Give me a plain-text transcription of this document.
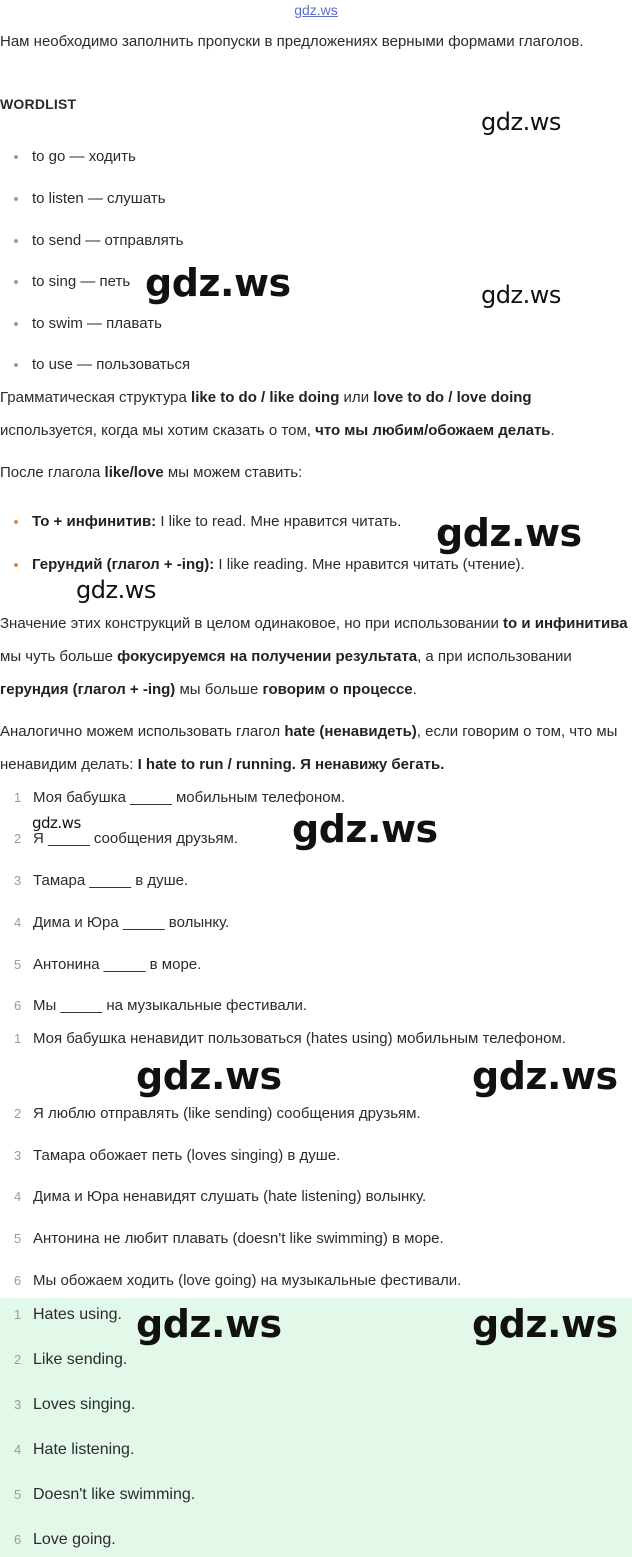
gdz.ws

Нам необходимо заполнить пропуски в предложениях верными формами глаголов.

WORDLIST
to go — ходить
to listen — слушать
to send — отправлять
to sing — петь
to swim — плавать
to use — пользоваться

Грамматическая структура like to do / like doing или love to do / love doing используется, когда мы хотим сказать о том, что мы любим/обожаем делать.

После глагола like/love мы можем ставить:

То + инфинитив: I like to read. Мне нравится читать.
Герундий (глагол + -ing): I like reading. Мне нравится читать (чтение).

Значение этих конструкций в целом одинаковое, но при использовании to и инфинитива мы чуть больше фокусируемся на получении результата, а при использовании герундия (глагол + -ing) мы больше говорим о процессе.

Аналогично можем использовать глагол hate (ненавидеть), если говорим о том, что мы ненавидим делать: I hate to run / running. Я ненавижу бегать.

1 Моя бабушка _____ мобильным телефоном.
2 Я _____ сообщения друзьям.
3 Тамара _____ в душе.
4 Дима и Юра _____ волынку.
5 Антонина _____ в море.
6 Мы _____ на музыкальные фестивали.
1 Моя бабушка ненавидит пользоваться (hates using) мобильным телефоном.
2 Я люблю отправлять (like sending) сообщения друзьям.
3 Тамара обожает петь (loves singing) в душе.
4 Дима и Юра ненавидят слушать (hate listening) волынку.
5 Антонина не любит плавать (doesn't like swimming) в море.
6 Мы обожаем ходить (love going) на музыкальные фестивали.
1 Hates using.
2 Like sending.
3 Loves singing.
4 Hate listening.
5 Doesn't like swimming.
6 Love going.
gdz.ws
gdz.ws	gdz.ws
gdz.ws
gdz.ws
gdz.ws	gdz.ws
gdz.ws	gdz.ws
gdz.ws	gdz.ws
